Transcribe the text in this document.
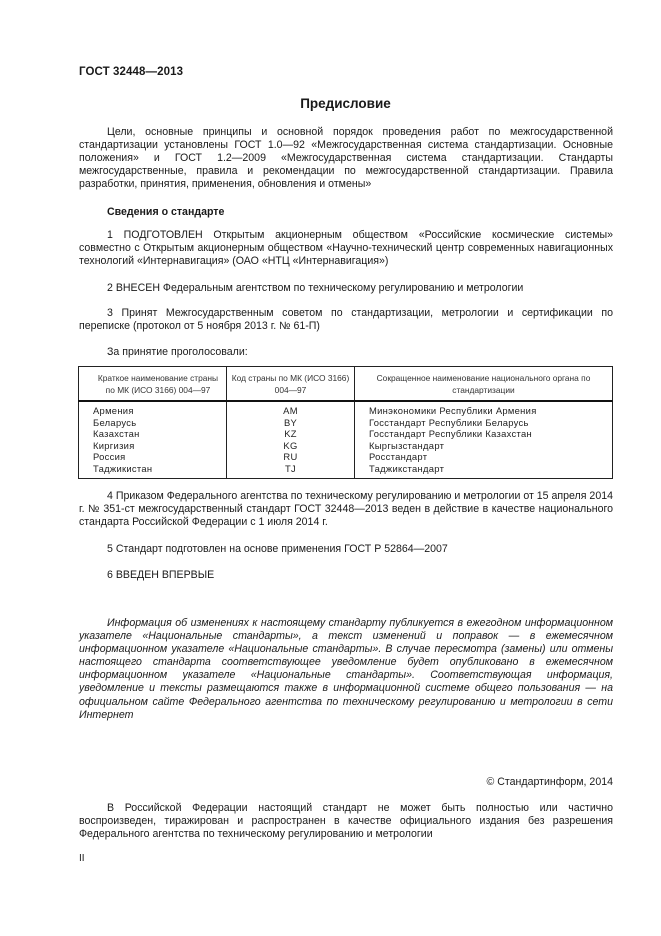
ГОСТ 32448—2013
Предисловие

Цели, основные принципы и основной порядок проведения работ по межгосударственной стандартизации установлены ГОСТ 1.0—92 «Межгосударственная система стандартизации. Основные положения» и ГОСТ 1.2—2009 «Межгосударственная система стандартизации. Стандарты межгосударственные, правила и рекомендации по межгосударственной стандартизации. Правила разработки, принятия, применения, обновления и отмены»

Сведения о стандарте

1 ПОДГОТОВЛЕН Открытым акционерным обществом «Российские космические системы» совместно с Открытым акционерным обществом «Научно-технический центр современных навигационных технологий «Интернавигация» (ОАО «НТЦ «Интернавигация»)

2 ВНЕСЕН Федеральным агентством по техническому регулированию и метрологии

3 Принят Межгосударственным советом по стандартизации, метрологии и сертификации по переписке (протокол от 5 ноября 2013 г. № 61-П)

За принятие проголосовали:

Краткое наименование страны по МК (ИСО 3166) 004—97	Код страны по МК (ИСО 3166) 004—97	Сокращенное наименование национального органа по стандартизации
Армения	AM	Минэкономики Республики Армения
Беларусь	BY	Госстандарт Республики Беларусь
Казахстан	KZ	Госстандарт Республики Казахстан
Киргизия	KG	Кыргызстандарт
Россия	RU	Росстандарт
Таджикистан	TJ	Таджикстандарт

4 Приказом Федерального агентства по техническому регулированию и метрологии от 15 апреля 2014 г. № 351-ст межгосударственный стандарт ГОСТ 32448—2013 веден в действие в качестве национального стандарта Российской Федерации с 1 июля 2014 г.

5 Стандарт подготовлен на основе применения ГОСТ Р 52864—2007

6 ВВЕДЕН ВПЕРВЫЕ

Информация об изменениях к настоящему стандарту публикуется в ежегодном информационном указателе «Национальные стандарты», а текст изменений и поправок — в ежемесячном информационном указателе «Национальные стандарты». В случае пересмотра (замены) или отмены настоящего стандарта соответствующее уведомление будет опубликовано в ежемесячном информационном указателе «Национальные стандарты». Соответствующая информация, уведомление и тексты размещаются также в информационной системе общего пользования — на официальном сайте Федерального агентства по техническому регулированию и метрологии в сети Интернет

© Стандартинформ, 2014

В Российской Федерации настоящий стандарт не может быть полностью или частично воспроизведен, тиражирован и распространен в качестве официального издания без разрешения Федерального агентства по техническому регулированию и метрологии

II
